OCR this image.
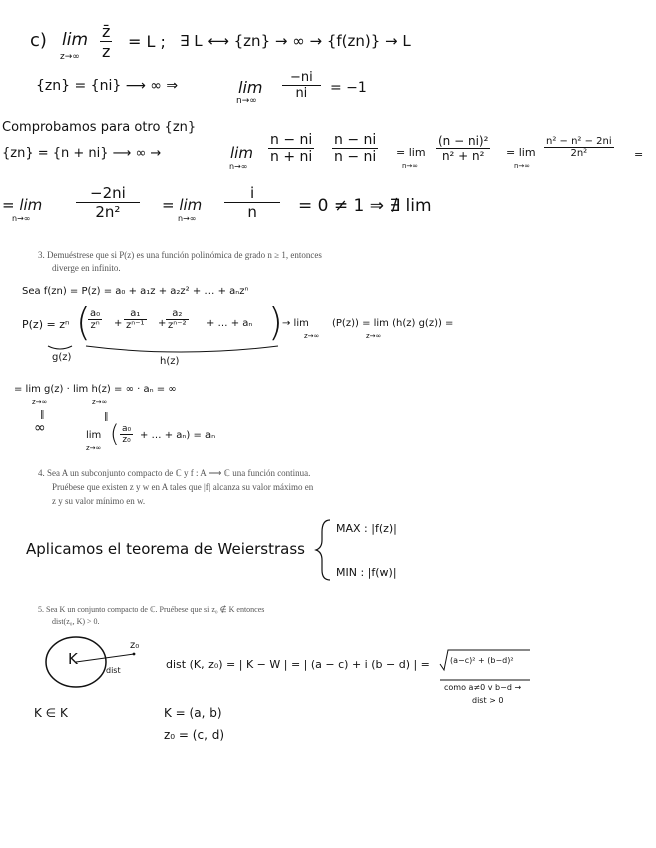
c) lim
$z\to\infty \frac{z̄}{z} = L$ ; ∃ L ⟷ {zn} → ∞ → {f(zn)} → L
{zn} = {ni} ⟶ ∞ ⇒	lim
$n\to\infty \frac{-ni}{ni} = -1$
Comprobamos para otro {zn}
{zn} = {n + ni} ⟶ ∞ →	lim
n→∞
$\frac{n - ni}{n + ni} \frac{n - ni}{n - ni} = \lim$
n→∞
$\frac{\text{(n − ni)²}}{\text{n² + n²}} = \lim$
n→∞
$\frac{\text{n² − n² − 2ni}}{\text{2n²}}$ =
= lim
n→∞	$\frac{-2ni}{\text{2n²}} = \lim$
$n\to\infty \frac{i}{n} = 0 \ne 1$ ⇒ ∄ lim
3. Demuéstrese que si P(z) es una función polinómica de grado n ≥ 1, entonces
diverge en infinito.
Sea f(zn) = P(z) = a₀ + a₁z + a₂z² + … + aₙzⁿ
P(z) = zⁿ (
$\frac{\text{a₀}}{\text{zⁿ}} + \frac{\text{a₁}}{\text{zⁿ⁻¹}} + \frac{\text{a₂}}{\text{zⁿ⁻²}}$ + … + aₙ ) → lim
z→∞
(P(z)) = lim (h(z) g(z)) =
z→∞
g(z)	h(z)
= lim g(z) · lim h(z) = ∞ · aₙ = ∞
z→∞	z→∞
‖
∞
‖
lim
z→∞ ( $\frac{\text{a₀}}{\text{z₀}}$ + … + aₙ) = aₙ
4. Sea A un subconjunto compacto de ℂ y f : A ⟶ ℂ una función continua.
Pruébese que existen z y w en A tales que |f| alcanza su valor máximo en
z y su valor mínimo en w.
Aplicamos el teorema de Weierstrass
MAX : |f(z)|
MIN : |f(w)|
5. Sea K un conjunto compacto de ℂ. Pruébese que si z₀ ∉ K entonces
dist(z₀, K) > 0.
K
z₀
dist	dist (K, z₀) = | K − W | = | (a − c) + i (b − d) | =	(a−c)² + (b−d)²
como a≠0 v b−d →
dist > 0
K ∈ K	K = (a, b)
z₀ = (c, d)
